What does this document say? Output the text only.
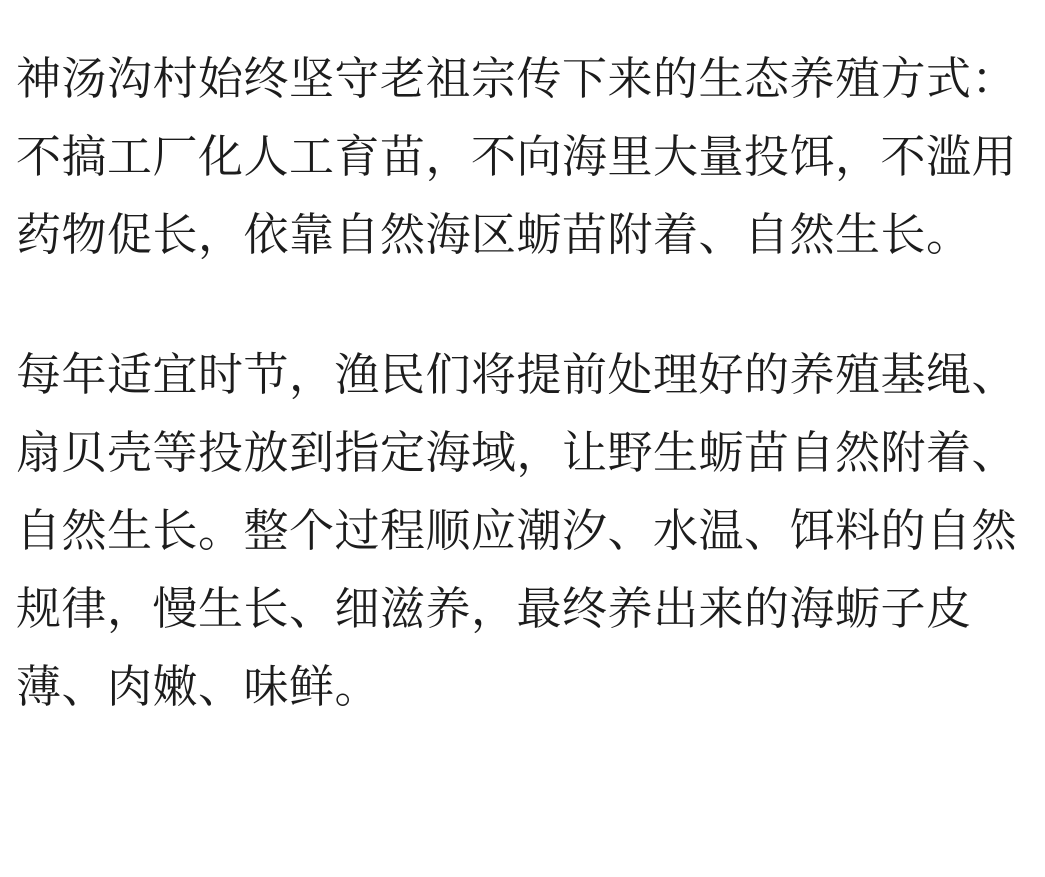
神汤沟村始终坚守老祖宗传下来的生态养殖方式：不搞工厂化人工育苗，不向海里大量投饵，不滥用药物促长，依靠自然海区蛎苗附着、自然生长。

每年适宜时节，渔民们将提前处理好的养殖基绳、扇贝壳等投放到指定海域，让野生蛎苗自然附着、自然生长。整个过程顺应潮汐、水温、饵料的自然规律，慢生长、细滋养，最终养出来的海蛎子皮薄、肉嫩、味鲜。
